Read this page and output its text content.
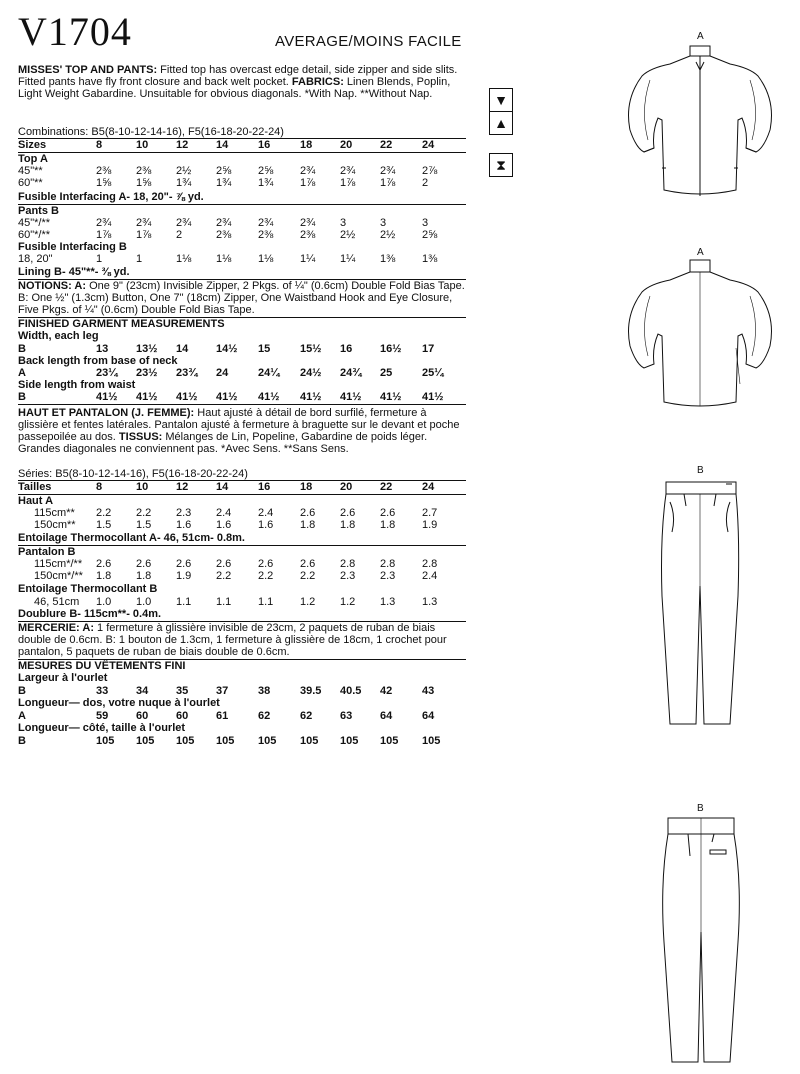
V1704	AVERAGE/MOINS FACILE
MISSES' TOP AND PANTS: Fitted top has overcast edge detail, side zipper and side slits. Fitted pants have fly front closure and back welt pocket. FABRICS: Linen Blends, Poplin, Light Weight Gabardine. Unsuitable for obvious diagonals. *With Nap. **Without Nap.
Combinations: B5(8-10-12-14-16), F5(16-18-20-22-24)
Sizes	8	10	12	14	16	18	20	22	24
Top A
45"**	2⅜ 2⅜ 2½ 2⅝ 2⅝ 2¾ 2¾ 2¾ 2⅞
60"**	1⅝ 1⅝ 1¾ 1¾ 1¾ 1⅞ 1⅞ 1⅞ 2
Fusible Interfacing A- 18, 20"- ⅞ yd.
Pants B
45"*/**	2¾ 2¾ 2¾ 2¾ 2¾ 2¾ 3	3	3
60"*/**	1⅞ 1⅞ 2	2⅜ 2⅜ 2⅜ 2½ 2½ 2⅝
Fusible Interfacing B
18, 20"	1	1	1⅛ 1⅛ 1⅛ 1¼ 1¼ 1⅜ 1⅜
Lining B- 45"**- ⅜ yd.
NOTIONS: A: One 9" (23cm) Invisible Zipper, 2 Pkgs. of ¼" (0.6cm) Double Fold Bias Tape. B: One ½" (1.3cm) Button, One 7" (18cm) Zipper, One Waistband Hook and Eye Closure, Five Pkgs. of ¼" (0.6cm) Double Fold Bias Tape.
FINISHED GARMENT MEASUREMENTS
Width, each leg
B	13	13½ 14	14½ 15	15½ 16	16½ 17
Back length from base of neck
A	23¼ 23½ 23¾ 24	24¼ 24½ 24¾ 25	25¼
Side length from waist
B	41½ 41½ 41½ 41½ 41½ 41½ 41½ 41½ 41½
HAUT ET PANTALON (J. FEMME): Haut ajusté à détail de bord surfilé, fermeture à glissière et fentes latérales. Pantalon ajusté à fermeture à braguette sur le devant et poche passepoilée au dos. TISSUS: Mélanges de Lin, Popeline, Gabardine de poids léger. Grandes diagonales ne conviennent pas. *Avec Sens. **Sans Sens.
Séries: B5(8-10-12-14-16), F5(16-18-20-22-24)
Tailles	8	10	12	14	16	18	20	22	24
Haut A
115cm** 2.2 2.2 2.3 2.4 2.4 2.6 2.6 2.6 2.7
150cm** 1.5 1.5 1.6 1.6 1.6 1.8 1.8 1.8 1.9
Entoilage Thermocollant A- 46, 51cm- 0.8m.
Pantalon B
115cm*/** 2.6 2.6 2.6 2.6 2.6 2.6 2.8 2.8 2.8
150cm*/** 1.8 1.8 1.9 2.2 2.2 2.2 2.3 2.3 2.4
Entoilage Thermocollant B
46, 51cm 1.0 1.0 1.1 1.1 1.1 1.2 1.2 1.3 1.3
Doublure B- 115cm**- 0.4m.
MERCERIE: A: 1 fermeture à glissière invisible de 23cm, 2 paquets de ruban de biais double de 0.6cm. B: 1 bouton de 1.3cm, 1 fermeture à glissière de 18cm, 1 crochet pour pantalon, 5 paquets de ruban de biais double de 0.6cm.
MESURES DU VÊTEMENTS FINI
Largeur à l'ourlet
B	33	34	35	37	38	39.5 40.5 42	43
Longueur— dos, votre nuque à l'ourlet
A	59	60	60	61	62	62	63	64	64
Longueur— côté, taille à l'ourlet
B	105 105 105 105 105 105 105 105 105
▼
▲
⧗
A
A
B
B
